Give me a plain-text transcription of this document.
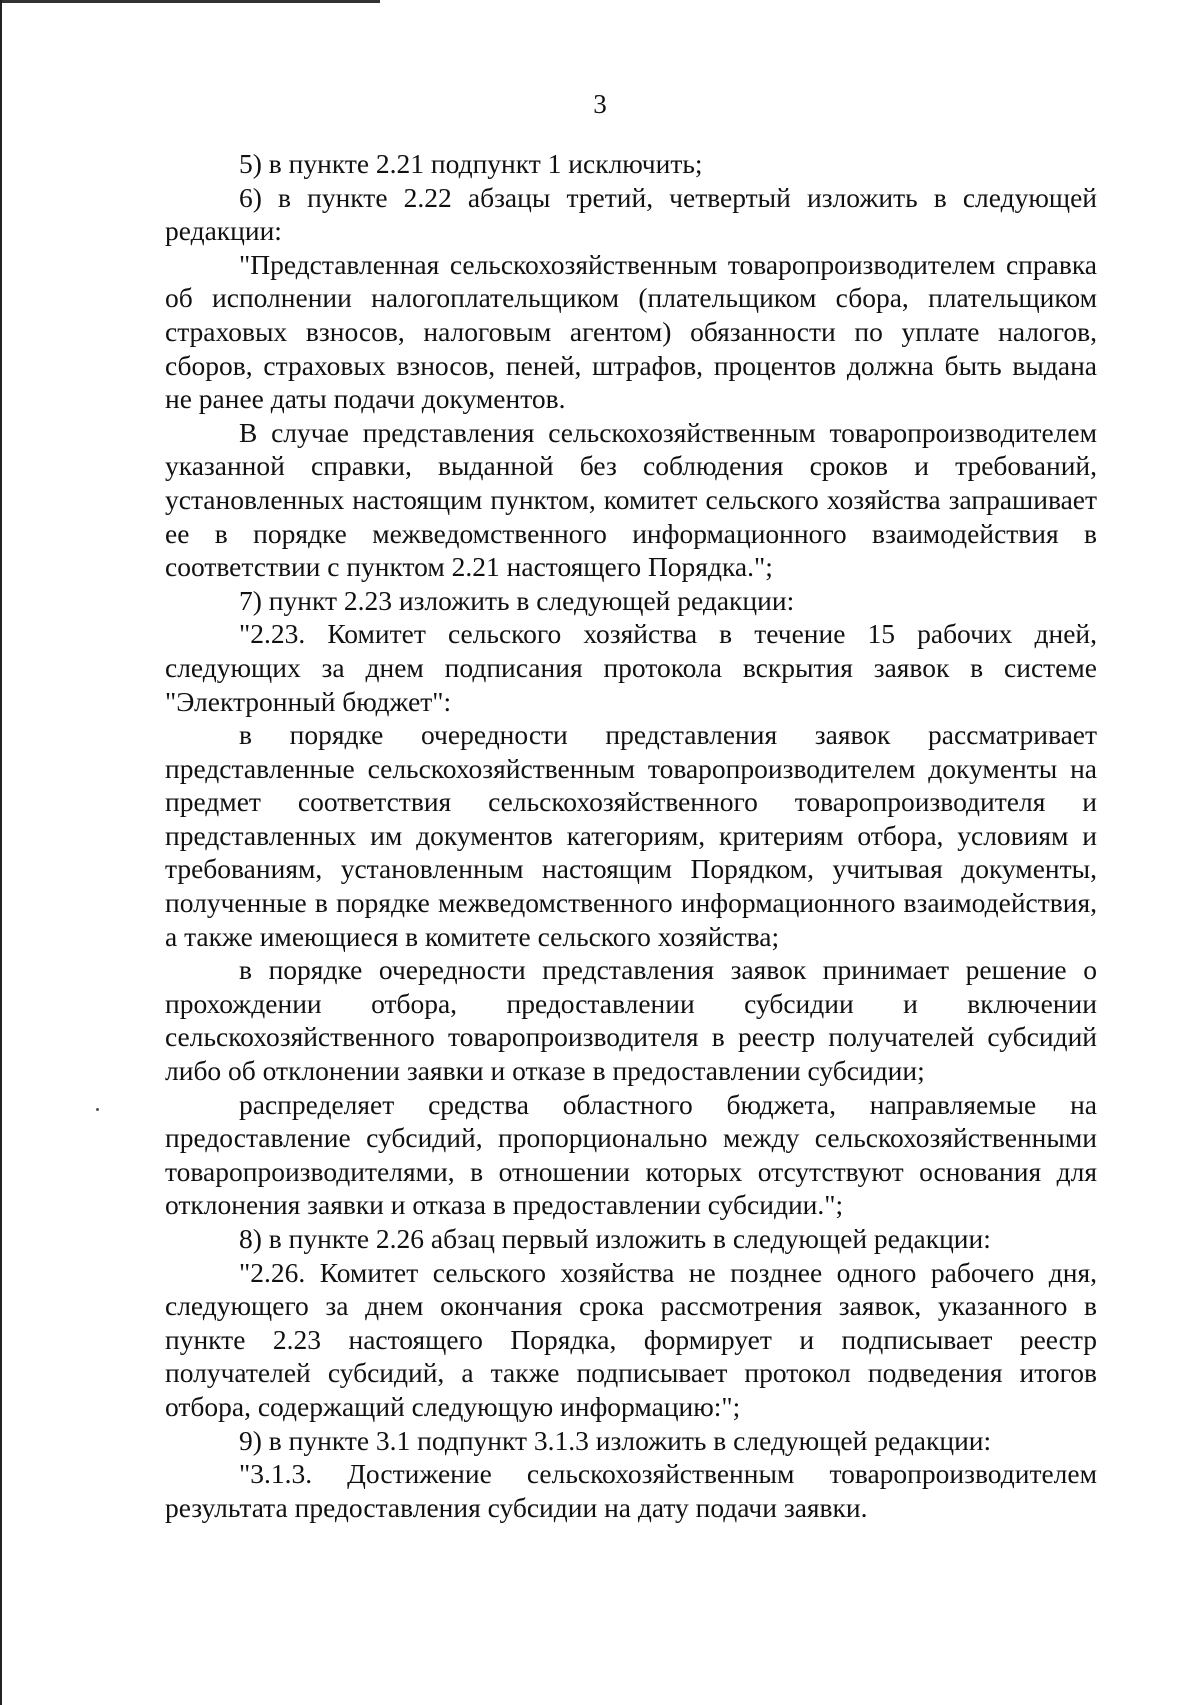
3

5) в пункте 2.21 подпункт 1 исключить;

6) в пункте 2.22 абзацы третий, четвертый изложить в следующей редакции:

"Представленная сельскохозяйственным товаропроизводителем справка об исполнении налогоплательщиком (плательщиком сбора, плательщиком страховых взносов, налоговым агентом) обязанности по уплате налогов, сборов, страховых взносов, пеней, штрафов, процентов должна быть выдана не ранее даты подачи документов.

В случае представления сельскохозяйственным товаропроизводителем указанной справки, выданной без соблюдения сроков и требований, установленных настоящим пунктом, комитет сельского хозяйства запрашивает ее в порядке межведомственного информационного взаимодействия в соответствии с пунктом 2.21 настоящего Порядка.";

7) пункт 2.23 изложить в следующей редакции:

"2.23. Комитет сельского хозяйства в течение 15 рабочих дней, следующих за днем подписания протокола вскрытия заявок в системе "Электронный бюджет":

в порядке очередности представления заявок рассматривает представленные сельскохозяйственным товаропроизводителем документы на предмет соответствия сельскохозяйственного товаропроизводителя и представленных им документов категориям, критериям отбора, условиям и требованиям, установленным настоящим Порядком, учитывая документы, полученные в порядке межведомственного информационного взаимодействия, а также имеющиеся в комитете сельского хозяйства;

в порядке очередности представления заявок принимает решение о прохождении отбора, предоставлении субсидии и включении сельскохозяйственного товаропроизводителя в реестр получателей субсидий либо об отклонении заявки и отказе в предоставлении субсидии;

распределяет средства областного бюджета, направляемые на предоставление субсидий, пропорционально между сельскохозяйственными товаропроизводителями, в отношении которых отсутствуют основания для отклонения заявки и отказа в предоставлении субсидии.";

8) в пункте 2.26 абзац первый изложить в следующей редакции:

"2.26. Комитет сельского хозяйства не позднее одного рабочего дня, следующего за днем окончания срока рассмотрения заявок, указанного в пункте 2.23 настоящего Порядка, формирует и подписывает реестр получателей субсидий, а также подписывает протокол подведения итогов отбора, содержащий следующую информацию:";

9) в пункте 3.1 подпункт 3.1.3 изложить в следующей редакции:

"3.1.3. Достижение сельскохозяйственным товаропроизводителем результата предоставления субсидии на дату подачи заявки.
